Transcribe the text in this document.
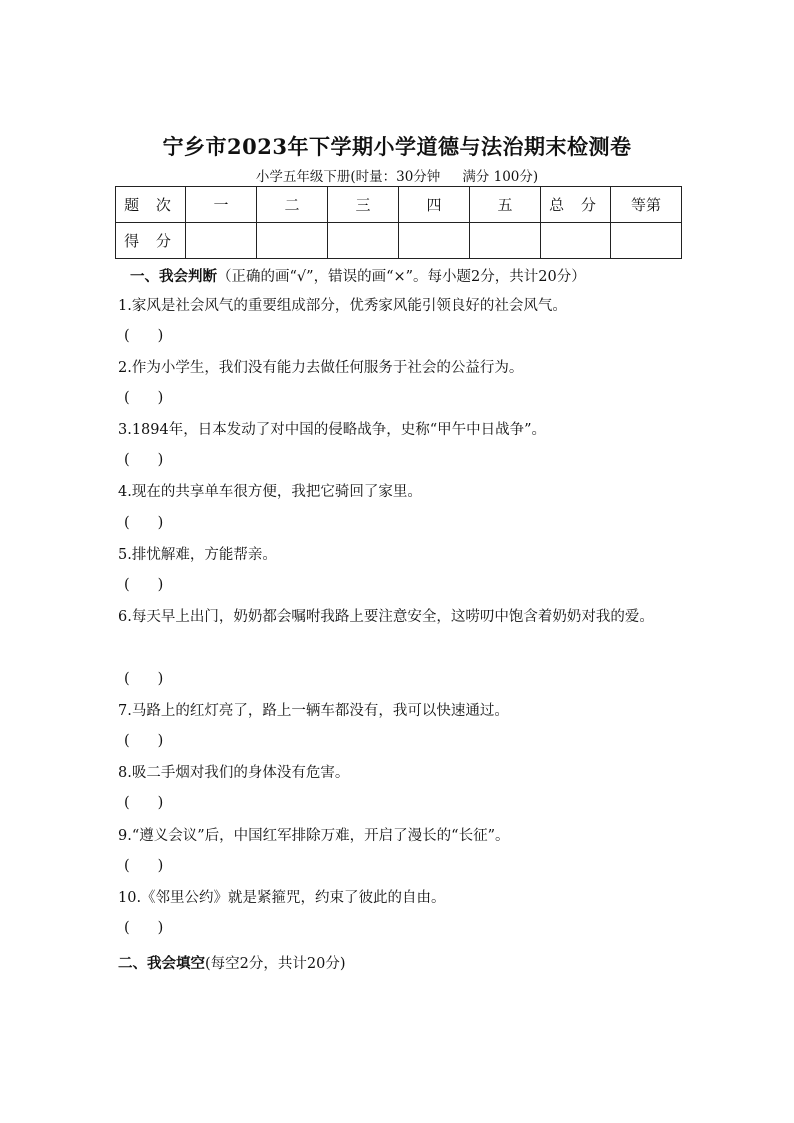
宁乡市2023年下学期小学道德与法治期末检测卷
小学五年级下册(时量：30分钟 满分 100分)
题 次	一	二	三	四	五	总 分	等第
得 分							
一、我会判断（正确的画“√”，错误的画“×”。每小题2分，共计20分）
1.家风是社会风气的重要组成部分，优秀家风能引领良好的社会风气。
( )
2.作为小学生，我们没有能力去做任何服务于社会的公益行为。
( )
3.1894年，日本发动了对中国的侵略战争，史称“甲午中日战争”。
( )
4.现在的共享单车很方便，我把它骑回了家里。
( )
5.排忧解难，方能帮亲。
( )
6.每天早上出门，奶奶都会嘱咐我路上要注意安全，这唠叨中饱含着奶奶对我的爱。
( )
7.马路上的红灯亮了，路上一辆车都没有，我可以快速通过。
( )
8.吸二手烟对我们的身体没有危害。
( )
9.“遵义会议”后，中国红军排除万难，开启了漫长的“长征”。
( )
10.《邻里公约》就是紧箍咒，约束了彼此的自由。
( )
二、我会填空(每空2分，共计20分)
